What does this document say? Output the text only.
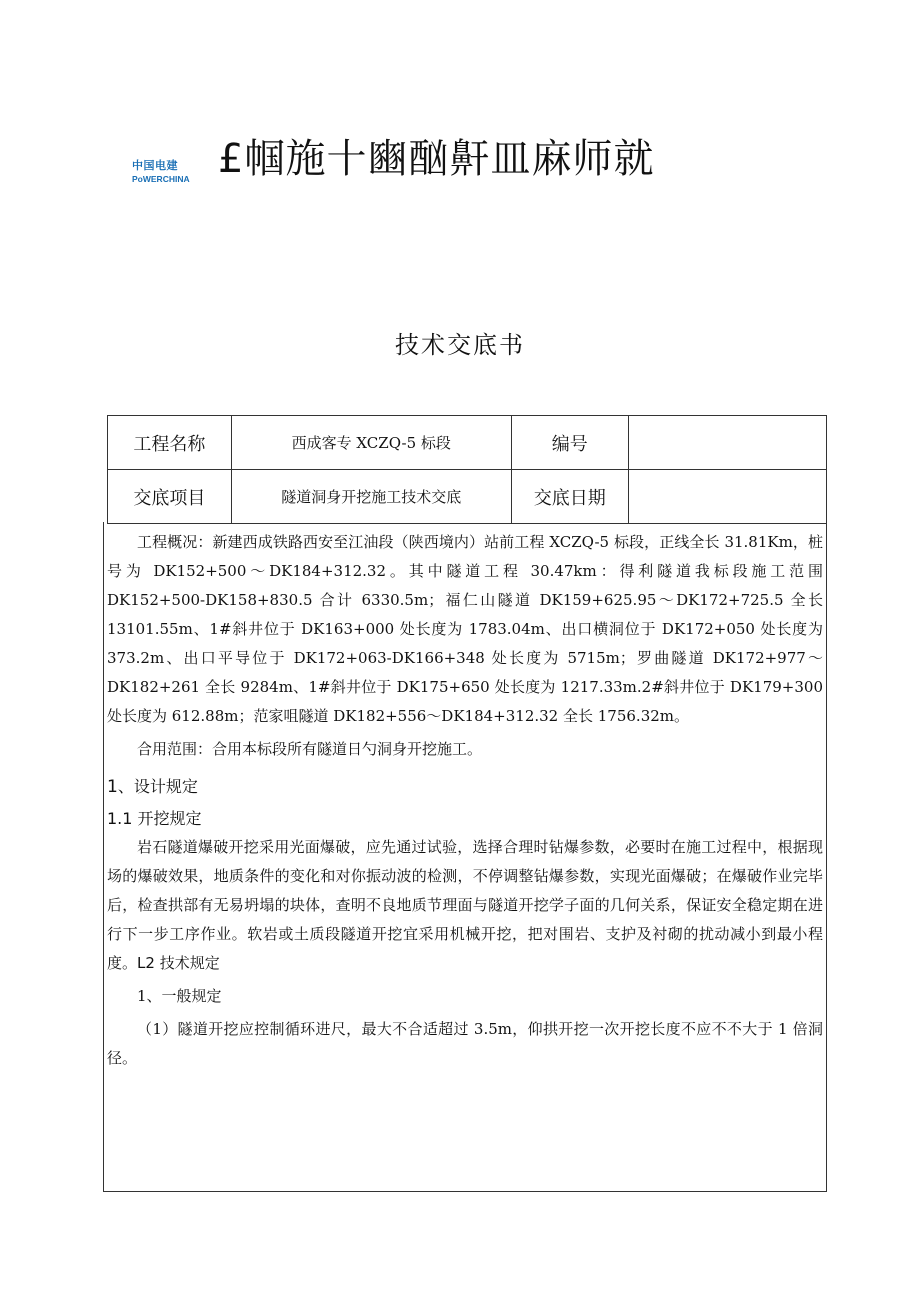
中国电建
PoWERCHINA £帼施十豳酗鼾皿麻师就
技术交底书
工程名称	西成客专 XCZQ-5 标段	编号	
交底项目	隧道洞身开挖施工技术交底	交底日期	

工程概况：新建西成铁路西安至江油段（陕西境内）站前工程 XCZQ-5 标段，正线全长 31.81Km，桩号为 DK152+500～DK184+312.32。其中隧道工程 30.47km：得利隧道我标段施工范围 DK152+500-DK158+830.5 合计 6330.5m；福仁山隧道 DK159+625.95～DK172+725.5 全长 13101.55m、1#斜井位于 DK163+000 处长度为 1783.04m、出口横洞位于 DK172+050 处长度为 373.2m、出口平导位于 DK172+063-DK166+348 处长度为 5715m；罗曲隧道 DK172+977～DK182+261 全长 9284m、1#斜井位于 DK175+650 处长度为 1217.33m.2#斜井位于 DK179+300 处长度为 612.88m；范家咀隧道 DK182+556～DK184+312.32 全长 1756.32m。

合用范围：合用本标段所有隧道日勺洞身开挖施工。

1、设计规定

1.1 开挖规定

岩石隧道爆破开挖采用光面爆破，应先通过试验，选择合理时钻爆参数，必要时在施工过程中，根据现场的爆破效果，地质条件的变化和对你振动波的检测，不停调整钻爆参数，实现光面爆破；在爆破作业完毕后，检查拱部有无易坍塌的块体，查明不良地质节理面与隧道开挖学子面的几何关系，保证安全稳定期在进行下一步工序作业。软岩或土质段隧道开挖宜采用机械开挖，把对围岩、支护及衬砌的扰动减小到最小程度。L2 技术规定

1、一般规定

（1）隧道开挖应控制循环进尺，最大不合适超过 3.5m，仰拱开挖一次开挖长度不应不不大于 1 倍洞径。
